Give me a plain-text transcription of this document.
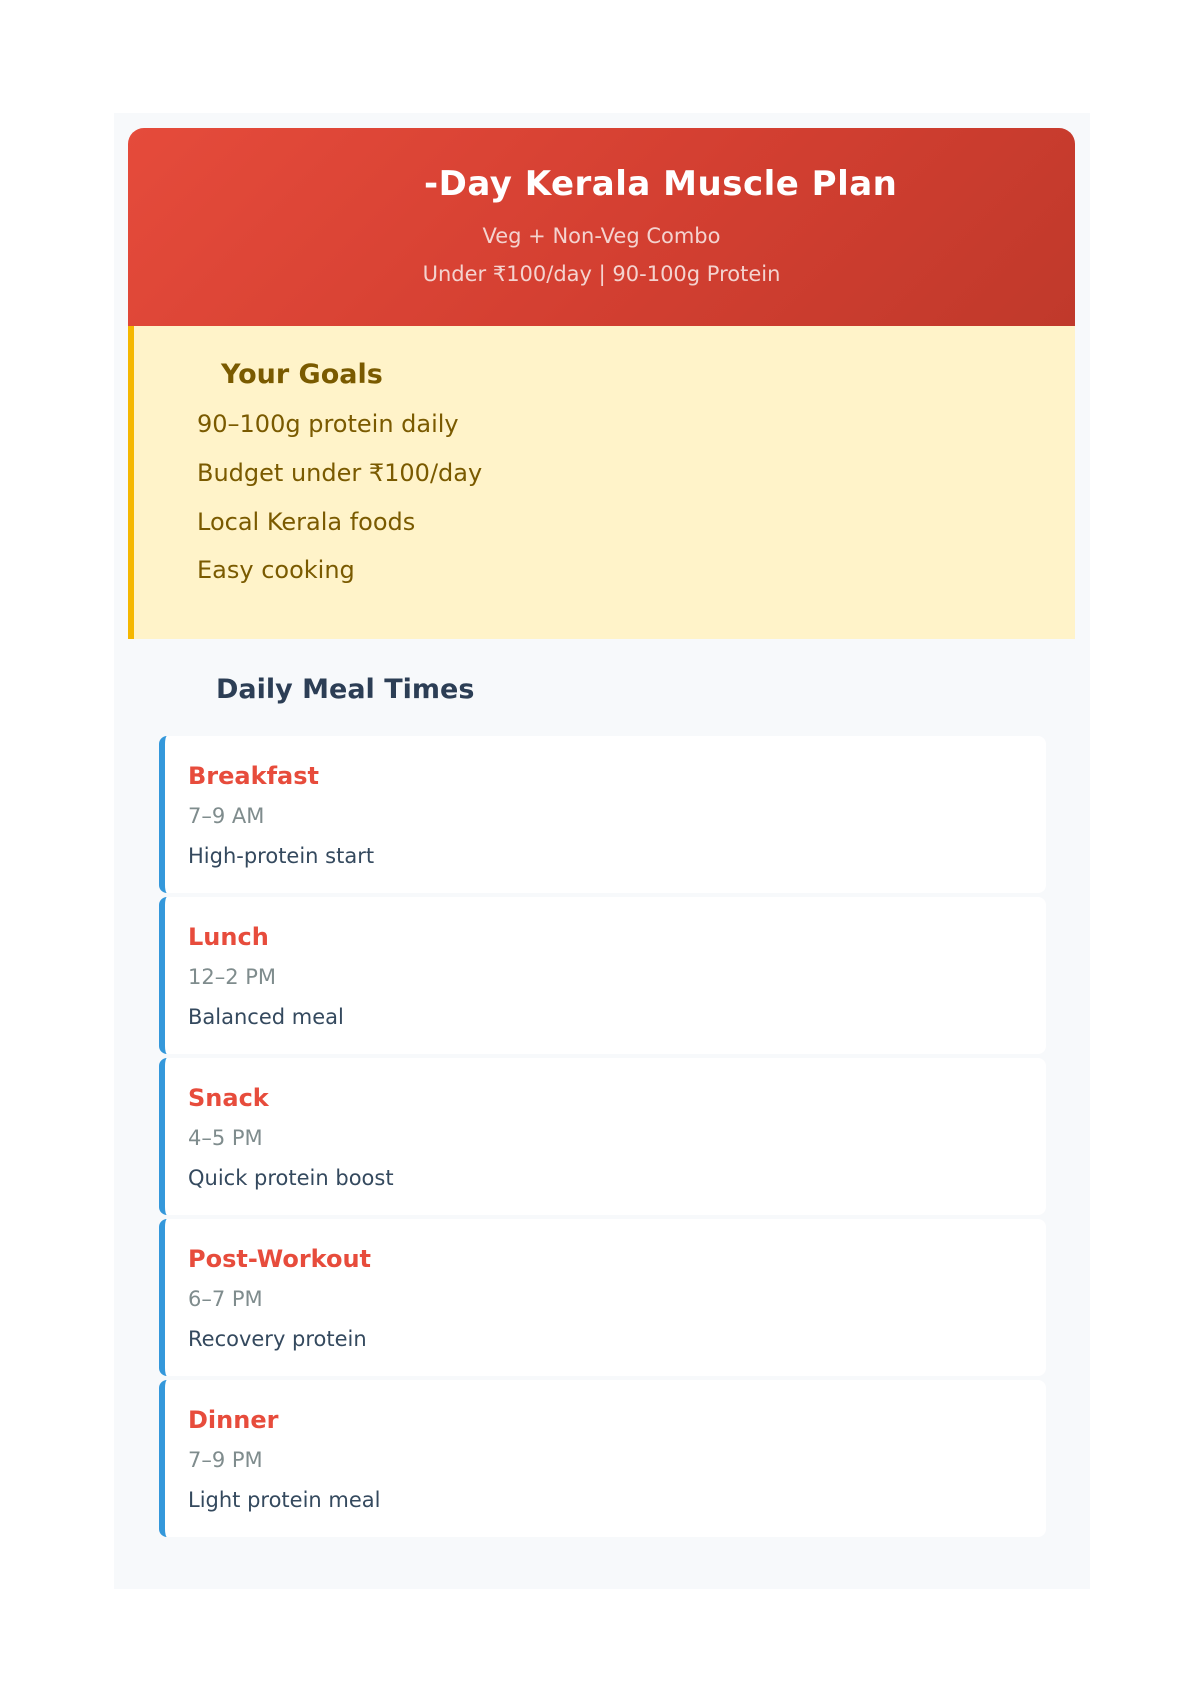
-Day Kerala Muscle Plan
Veg + Non-Veg Combo
Under ₹100/day | 90-100g Protein
Your Goals
90–100g protein daily
Budget under ₹100/day
Local Kerala foods
Easy cooking
Daily Meal Times
Breakfast
7–9 AM
High-protein start
Lunch
12–2 PM
Balanced meal
Snack
4–5 PM
Quick protein boost
Post-Workout
6–7 PM
Recovery protein
Dinner
7–9 PM
Light protein meal
